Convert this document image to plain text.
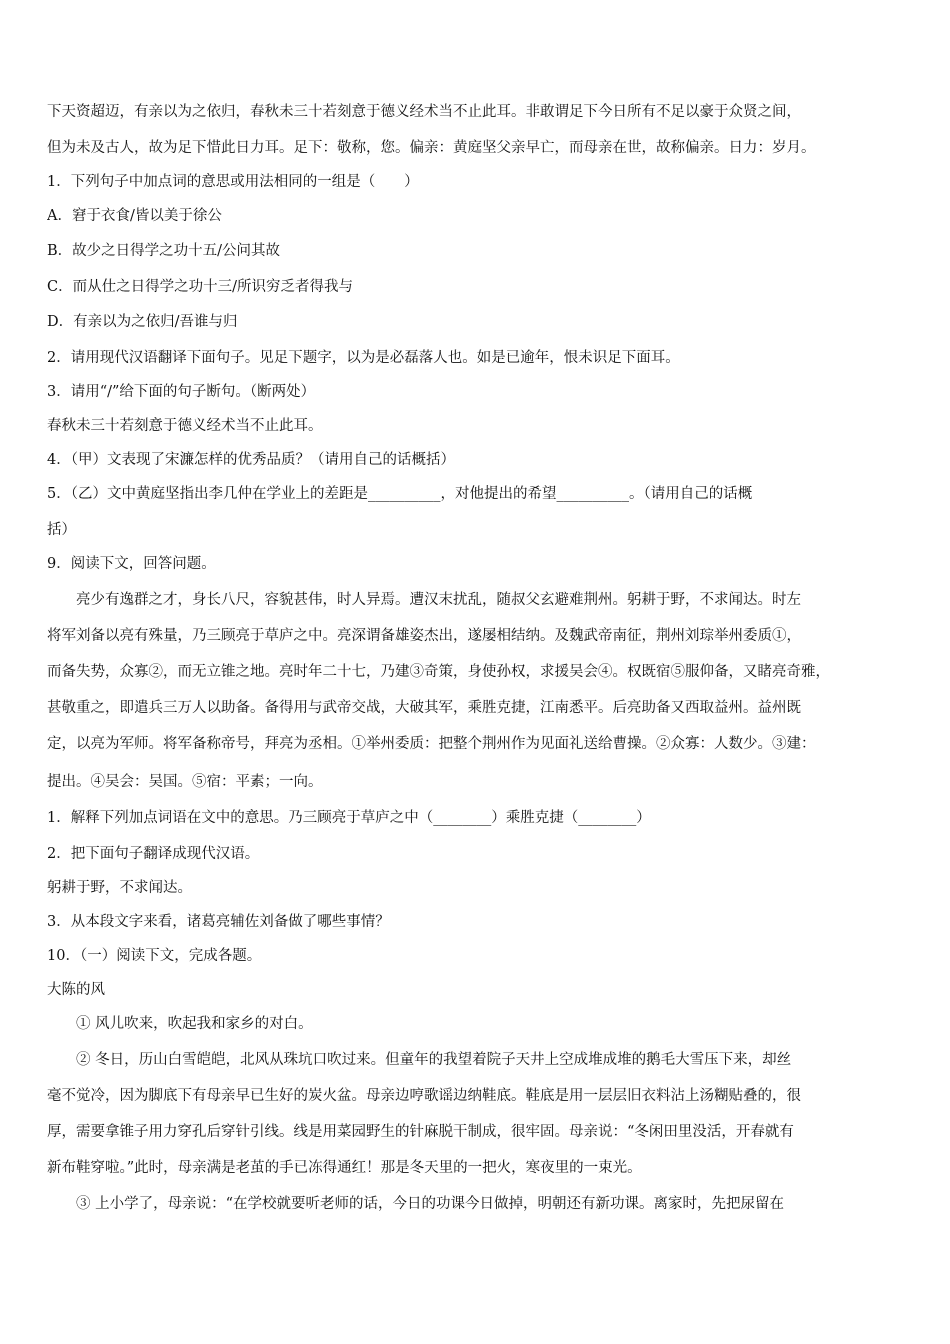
下天资超迈，有亲以为之依归，春秋未三十若刻意于德义经术当不止此耳。非敢谓足下今日所有不足以豪于众贤之间，
但为未及古人，故为足下惜此日力耳。足下：敬称，您。偏亲：黄庭坚父亲早亡，而母亲在世，故称偏亲。日力：岁月。
1．下列句子中加点词的意思或用法相同的一组是（　　）
A．窘于衣食/皆以美于徐公
B．故少之日得学之功十五/公问其故
C．而从仕之日得学之功十三/所识穷乏者得我与
D．有亲以为之依归/吾谁与归
2．请用现代汉语翻译下面句子。见足下题字，以为是必磊落人也。如是已逾年，恨未识足下面耳。
3．请用“/”给下面的句子断句。（断两处）
春秋未三十若刻意于德义经术当不止此耳。
4．（甲）文表现了宋濂怎样的优秀品质？（请用自己的话概括）
5．（乙）文中黄庭坚指出李几仲在学业上的差距是__________，对他提出的希望__________。（请用自己的话概
括）
9．阅读下文，回答问题。
亮少有逸群之才，身长八尺，容貌甚伟，时人异焉。遭汉末扰乱，随叔父玄避难荆州。躬耕于野，不求闻达。时左
将军刘备以亮有殊量，乃三顾亮于草庐之中。亮深谓备雄姿杰出，遂屡相结纳。及魏武帝南征，荆州刘琮举州委质①，
而备失势，众寡②，而无立锥之地。亮时年二十七，乃建③奇策，身使孙权，求援吴会④。权既宿⑤服仰备，又睹亮奇雅，
甚敬重之，即遣兵三万人以助备。备得用与武帝交战，大破其军，乘胜克捷，江南悉平。后亮助备又西取益州。益州既
定，以亮为军师。将军备称帝号，拜亮为丞相。①举州委质：把整个荆州作为见面礼送给曹操。②众寡：人数少。③建：
提出。④吴会：吴国。⑤宿：平素；一向。
1．解释下列加点词语在文中的意思。乃三顾亮于草庐之中（________）乘胜克捷（________）
2．把下面句子翻译成现代汉语。
躬耕于野，不求闻达。
3．从本段文字来看，诸葛亮辅佐刘备做了哪些事情？
10．（一）阅读下文，完成各题。
大陈的风
① 风儿吹来，吹起我和家乡的对白。
② 冬日，历山白雪皑皑，北风从珠坑口吹过来。但童年的我望着院子天井上空成堆成堆的鹅毛大雪压下来，却丝
毫不觉冷，因为脚底下有母亲早已生好的炭火盆。母亲边哼歌谣边纳鞋底。鞋底是用一层层旧衣料沾上汤糊贴叠的，很
厚，需要拿锥子用力穿孔后穿针引线。线是用菜园野生的针麻脱干制成，很牢固。母亲说：“冬闲田里没活，开春就有
新布鞋穿啦。”此时，母亲满是老茧的手已冻得通红！那是冬天里的一把火，寒夜里的一束光。
③ 上小学了，母亲说：“在学校就要听老师的话，今日的功课今日做掉，明朝还有新功课。离家时，先把尿留在
